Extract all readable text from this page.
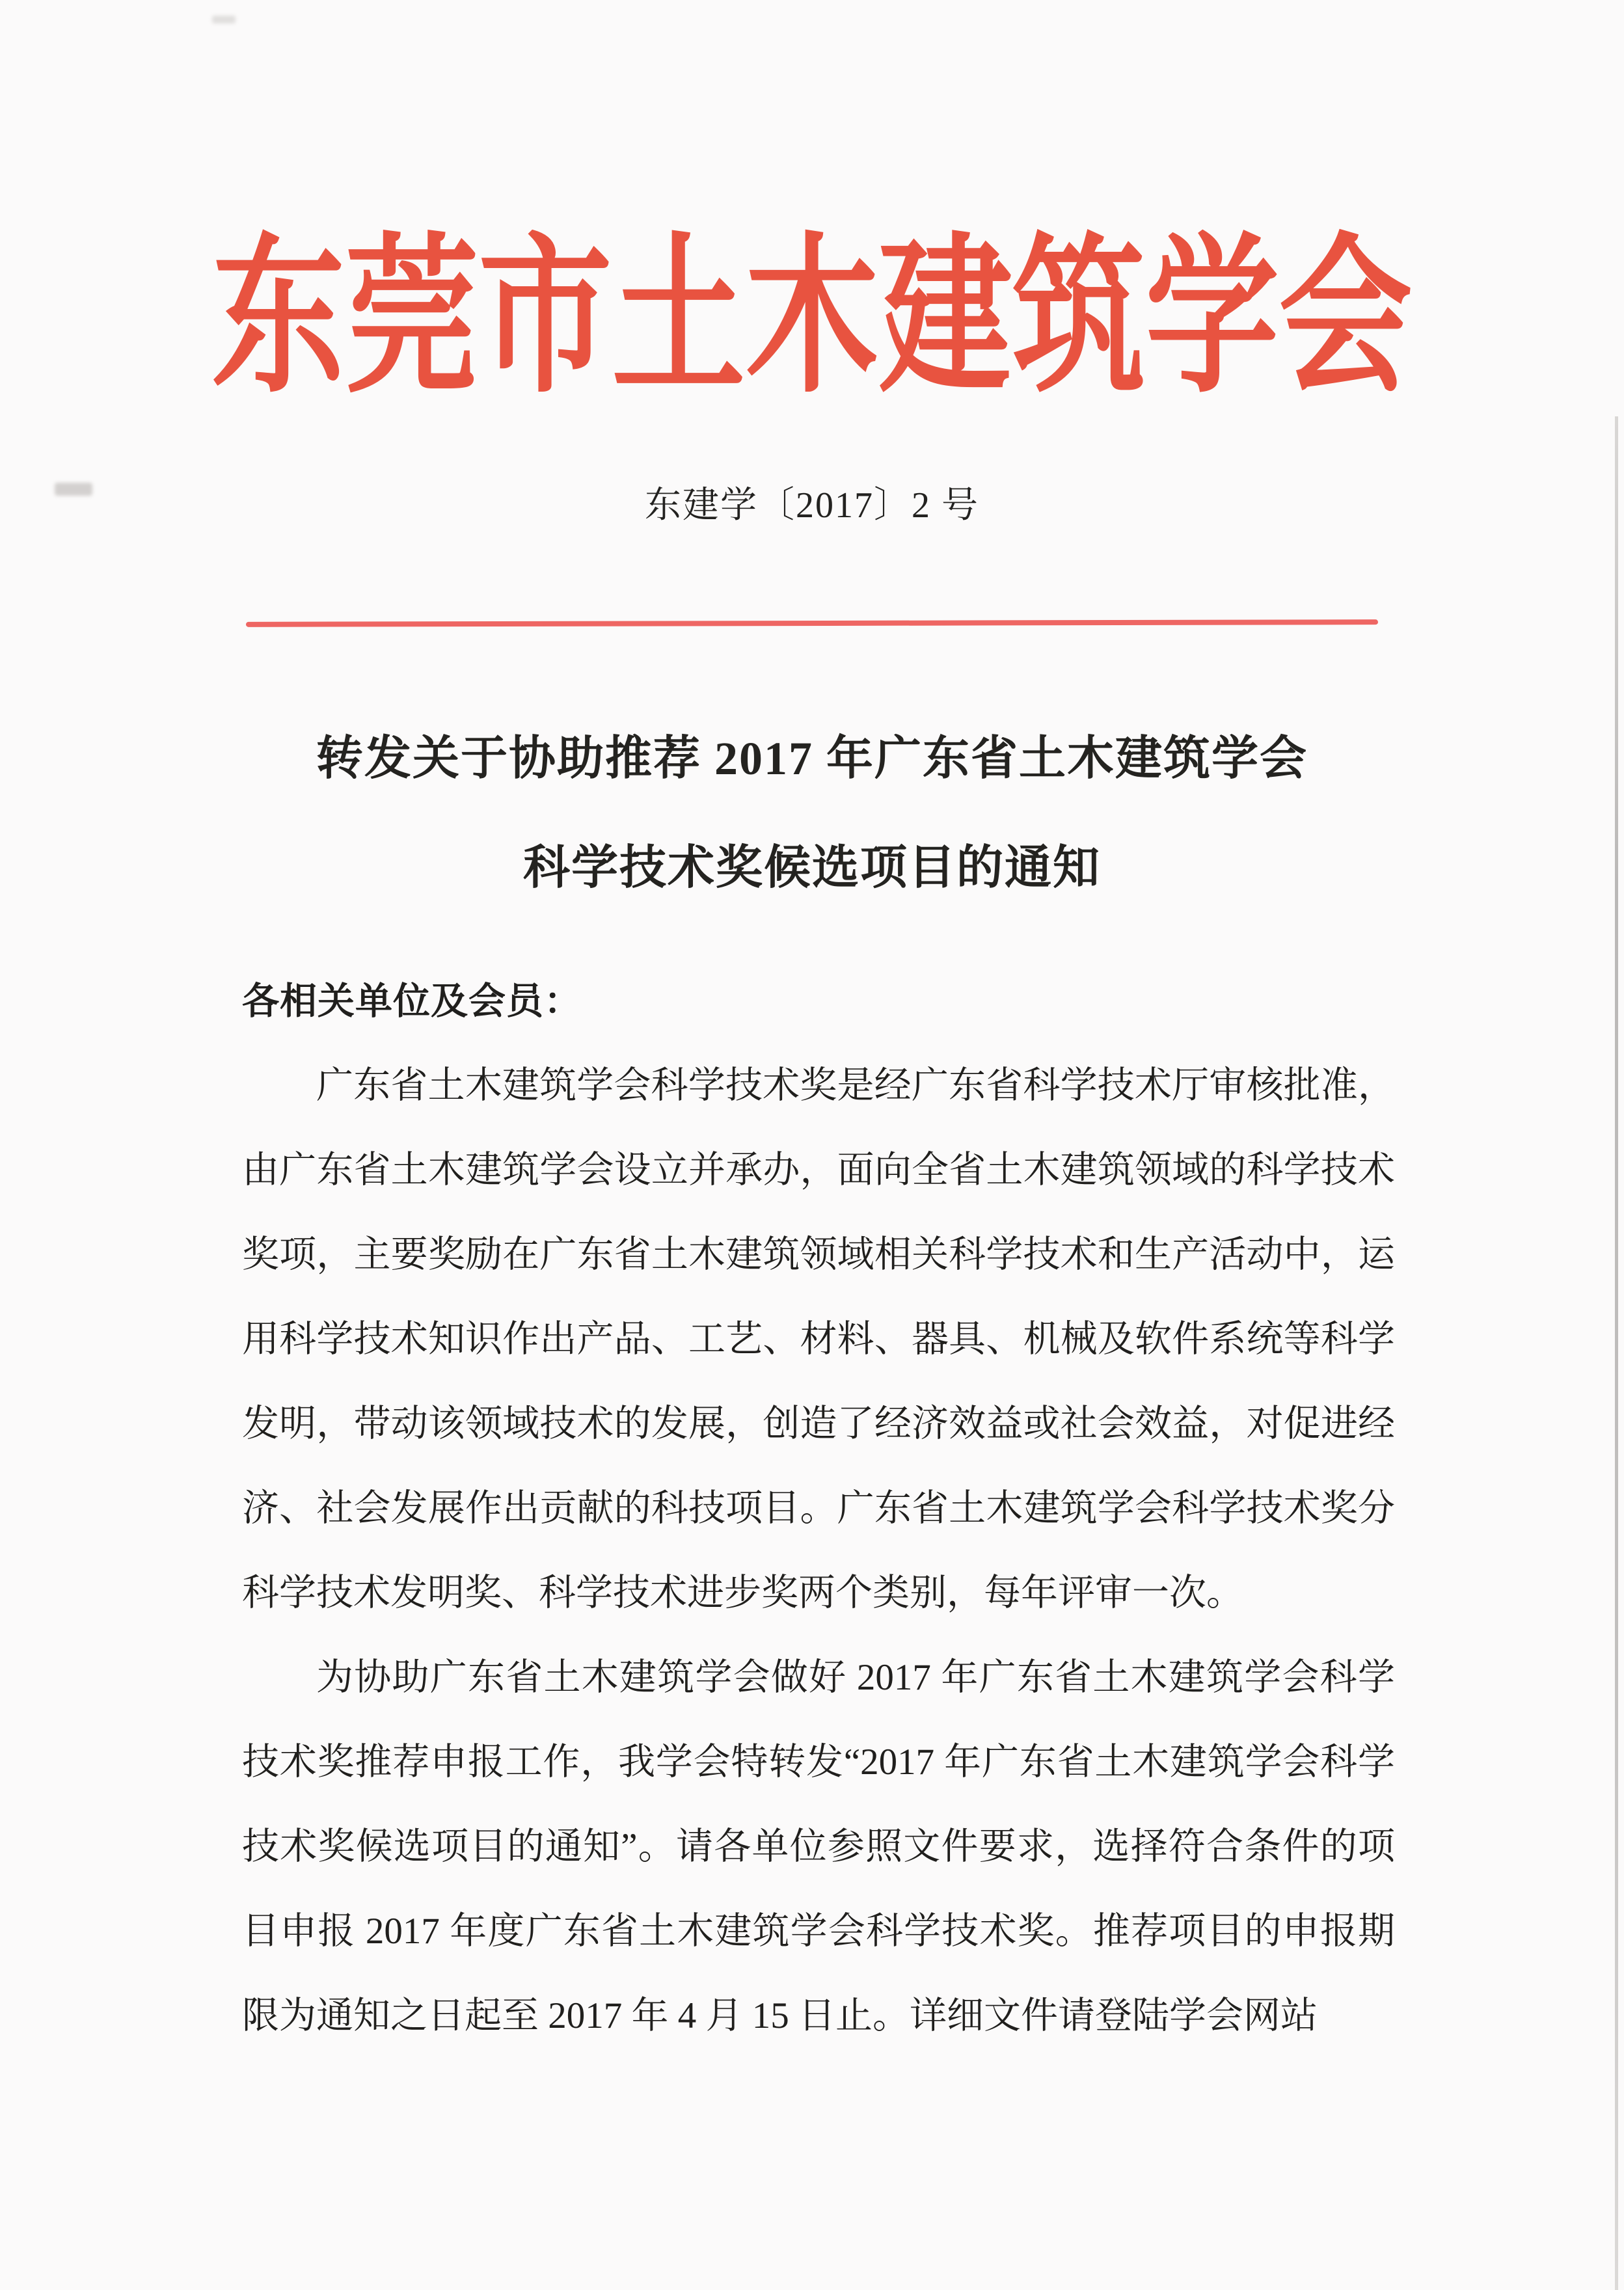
东莞市土木建筑学会
东建学〔2017〕2 号
转发关于协助推荐 2017 年广东省土木建筑学会
科学技术奖候选项目的通知
各相关单位及会员：

广东省土木建筑学会科学技术奖是经广东省科学技术厅审核批准，由广东省土木建筑学会设立并承办，面向全省土木建筑领域的科学技术奖项，主要奖励在广东省土木建筑领域相关科学技术和生产活动中，运用科学技术知识作出产品、工艺、材料、器具、机械及软件系统等科学发明，带动该领域技术的发展，创造了经济效益或社会效益，对促进经济、社会发展作出贡献的科技项目。广东省土木建筑学会科学技术奖分科学技术发明奖、科学技术进步奖两个类别，每年评审一次。

为协助广东省土木建筑学会做好 2017 年广东省土木建筑学会科学技术奖推荐申报工作，我学会特转发“2017 年广东省土木建筑学会科学技术奖候选项目的通知”。请各单位参照文件要求，选择符合条件的项目申报 2017 年度广东省土木建筑学会科学技术奖。推荐项目的申报期限为通知之日起至 2017 年 4 月 15 日止。详细文件请登陆学会网站
